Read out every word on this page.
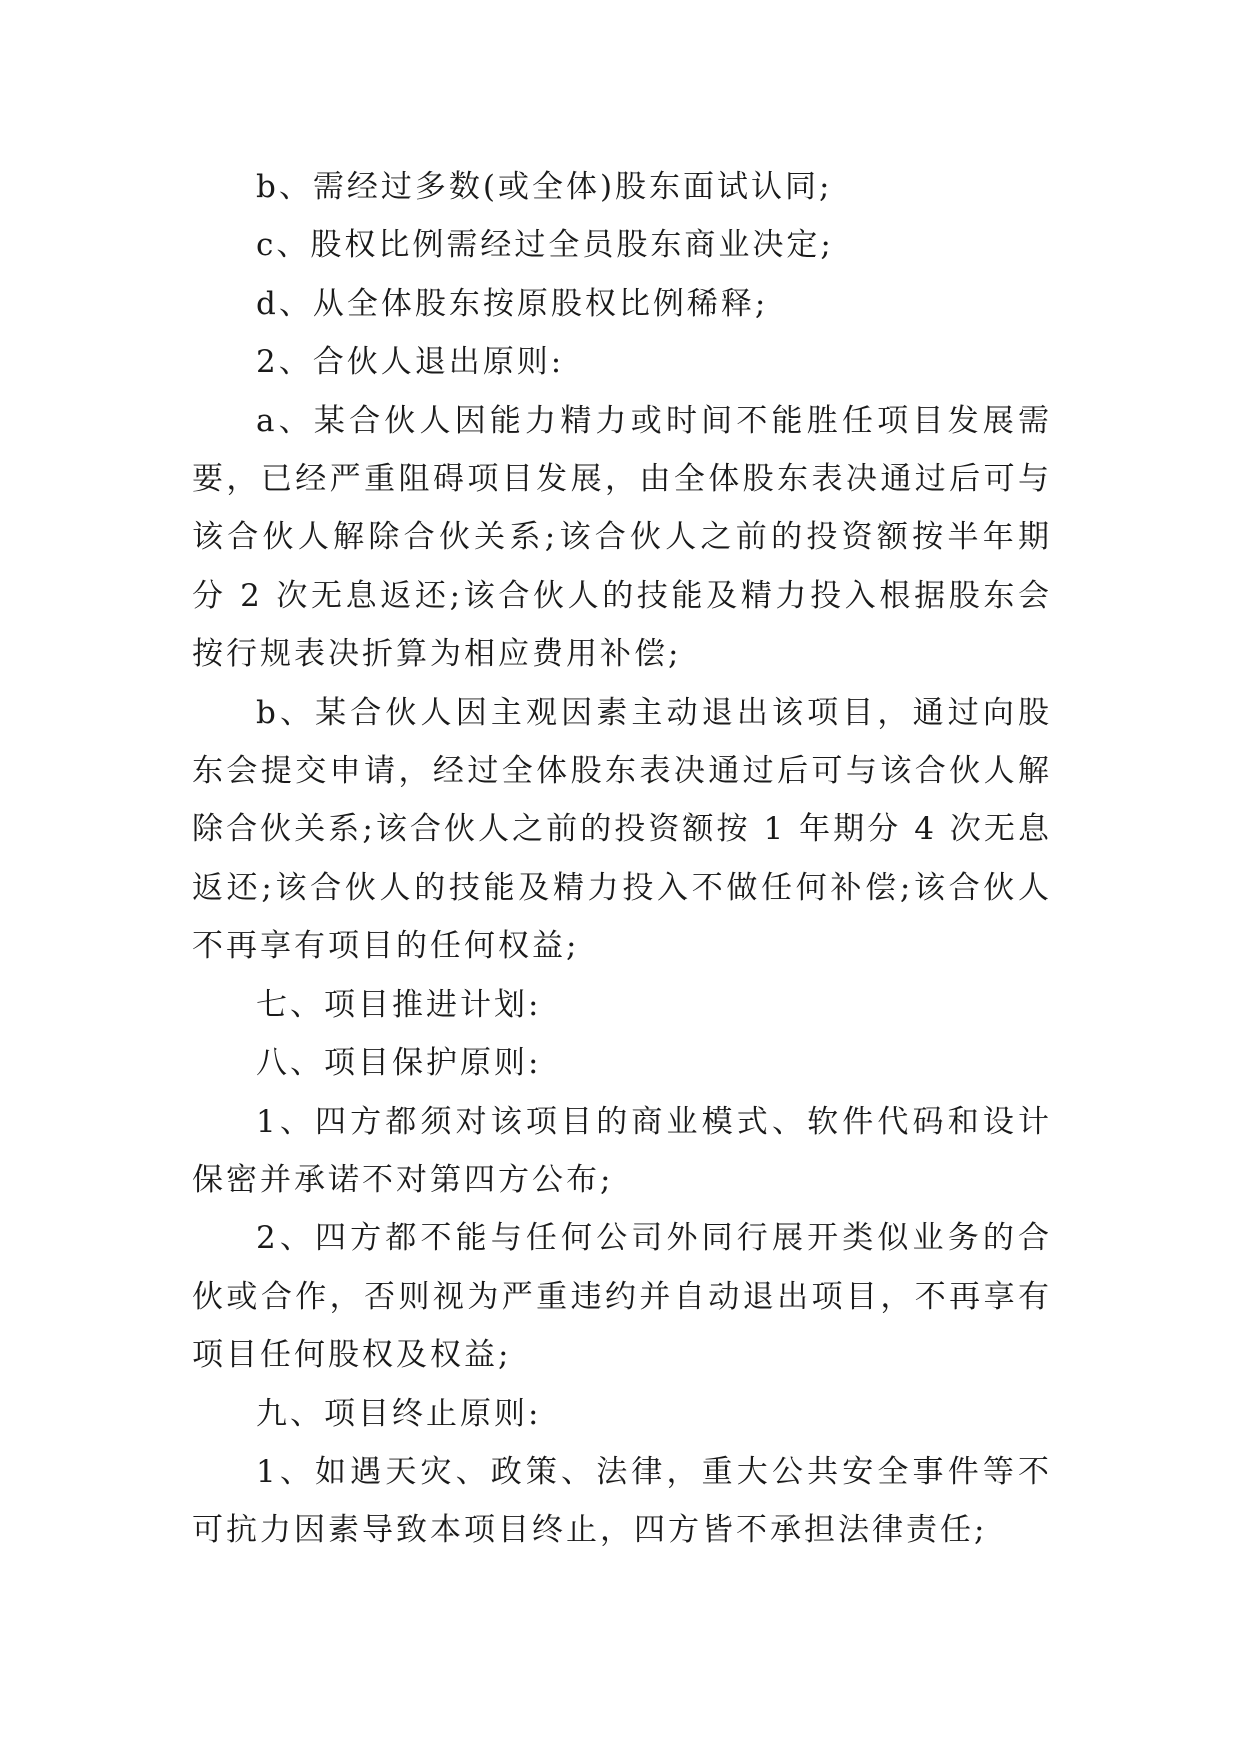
b、需经过多数(或全体)股东面试认同;

c、股权比例需经过全员股东商业决定;

d、从全体股东按原股权比例稀释;

2、合伙人退出原则:

a、某合伙人因能力精力或时间不能胜任项目发展需要，已经严重阻碍项目发展，由全体股东表决通过后可与该合伙人解除合伙关系;该合伙人之前的投资额按半年期分 2 次无息返还;该合伙人的技能及精力投入根据股东会按行规表决折算为相应费用补偿;

b、某合伙人因主观因素主动退出该项目，通过向股东会提交申请，经过全体股东表决通过后可与该合伙人解除合伙关系;该合伙人之前的投资额按 1 年期分 4 次无息返还;该合伙人的技能及精力投入不做任何补偿;该合伙人不再享有项目的任何权益;

七、项目推进计划:

八、项目保护原则:

1、四方都须对该项目的商业模式、软件代码和设计保密并承诺不对第四方公布;

2、四方都不能与任何公司外同行展开类似业务的合伙或合作，否则视为严重违约并自动退出项目，不再享有项目任何股权及权益;

九、项目终止原则:

1、如遇天灾、政策、法律，重大公共安全事件等不可抗力因素导致本项目终止，四方皆不承担法律责任;
